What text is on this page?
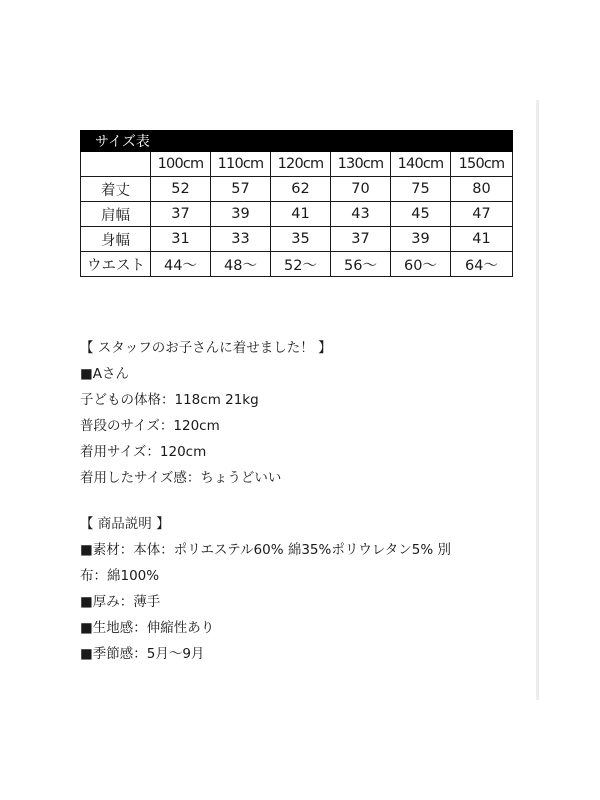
サイズ表						
	100cm	110cm	120cm	130cm	140cm	150cm
着丈	52	57	62	70	75	80
肩幅	37	39	41	43	45	47
身幅	31	33	35	37	39	41
ウエスト	44〜	48〜	52〜	56〜	60〜	64〜
【 スタッフのお子さんに着せました！ 】
■Aさん
子どもの体格：118cm 21kg
普段のサイズ：120cm
着用サイズ：120cm
着用したサイズ感：ちょうどいい
【 商品説明 】
■素材：本体：ポリエステル60% 綿35%ポリウレタン5% 別
布：綿100%
■厚み：薄手
■生地感：伸縮性あり
■季節感：5月〜9月
